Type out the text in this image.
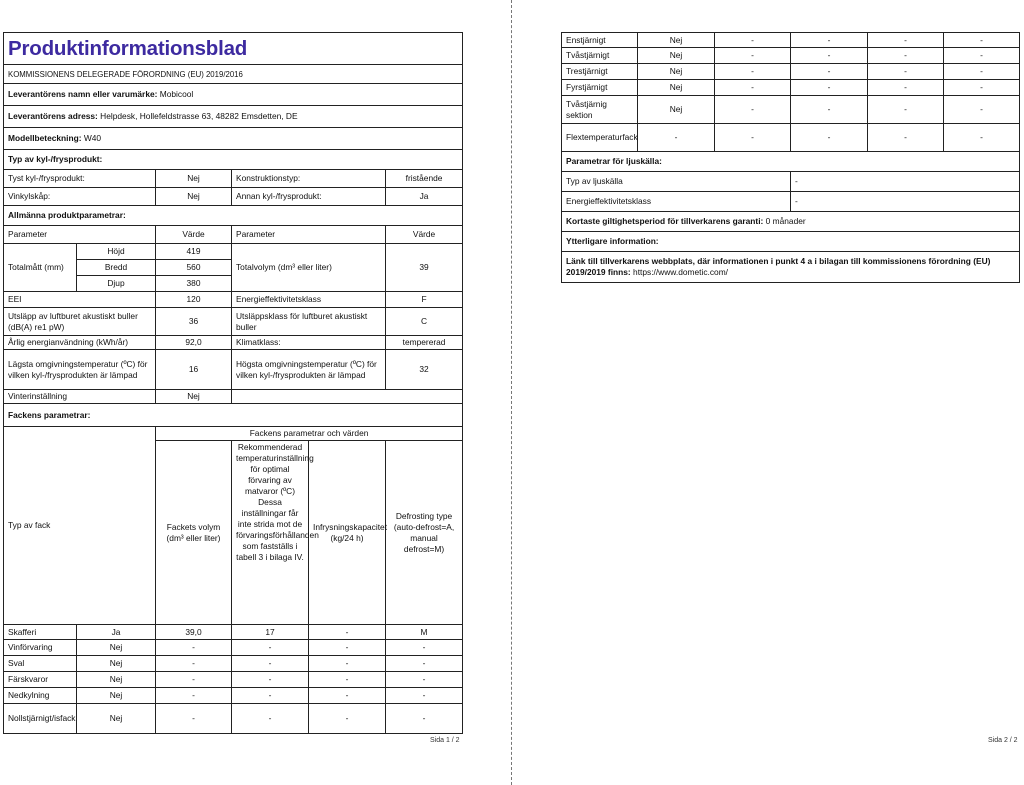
Produktinformationsblad					

KOMMISSIONENS DELEGERADE FÖRORDNING (EU) 2019/2016					
Leverantörens namn eller varumärke: Mobicool					
Leverantörens adress: Helpdesk, Hollefeldstrasse 63, 48282 Emsdetten, DE					
Modellbeteckning: W40					
Typ av kyl-/frysprodukt:					
Tyst kyl-/frysprodukt:		Nej	Konstruktionstyp:		fristående
Vinkylskåp:		Nej	Annan kyl-/frysprodukt:		Ja
Allmänna produktparametrar:					
Parameter		Värde	Parameter		Värde
Totalmått (mm)	Höjd	419	Totalvolym (dm³ eller liter)		39
	Bredd	560			
	Djup	380			
EEI		120	Energieffektivitetsklass		F
Utsläpp av luftburet akustiskt buller (dB(A) re1 pW)		36	Utsläppsklass för luftburet akustiskt buller		C
Årlig energianvändning (kWh/år)		92,0	Klimatklass:		tempererad
Lägsta omgivningstemperatur (ºC) för vilken kyl-/frysprodukten är lämpad		16	Högsta omgivningstemperatur (ºC) för vilken kyl-/frysprodukten är lämpad		32
Vinterinställning		Nej			
Fackens parametrar:					
Typ av fack		Fackens parametrar och värden			
		Fackets volym (dm³ eller liter)	Rekommenderad temperaturinställning för optimal förvaring av matvaror (ºC) Dessa inställningar får inte strida mot de förvaringsförhållanden som fastställs i tabell 3 i bilaga IV.	Infrysningskapacitet (kg/24 h)	Defrosting type (auto-defrost=A, manual defrost=M)
Skafferi	Ja	39,0	17	-	M
Vinförvaring	Nej	-	-	-	-
Sval	Nej	-	-	-	-
Färskvaror	Nej	-	-	-	-
Nedkylning	Nej	-	-	-	-
Nollstjärnigt/isfack	Nej	-	-	-	-
Sida 1 / 2
Enstjärnigt	Nej	-	-	-	-
Tvåstjärnigt	Nej	-	-	-	-
Trestjärnigt	Nej	-	-	-	-
Fyrstjärnigt	Nej	-	-	-	-
Tvåstjärnig sektion	Nej	-	-	-	-
Flextemperaturfack	-	-	-	-	-
Parametrar för ljuskälla:					
Typ av ljuskälla			-		
Energieffektivitetsklass			-		
Kortaste giltighetsperiod för tillverkarens garanti: 0 månader					
Ytterligare information:					
Länk till tillverkarens webbplats, där informationen i punkt 4 a i bilagan till kommissionens förordning (EU) 2019/2019 finns: https://www.dometic.com/					
Sida 2 / 2
